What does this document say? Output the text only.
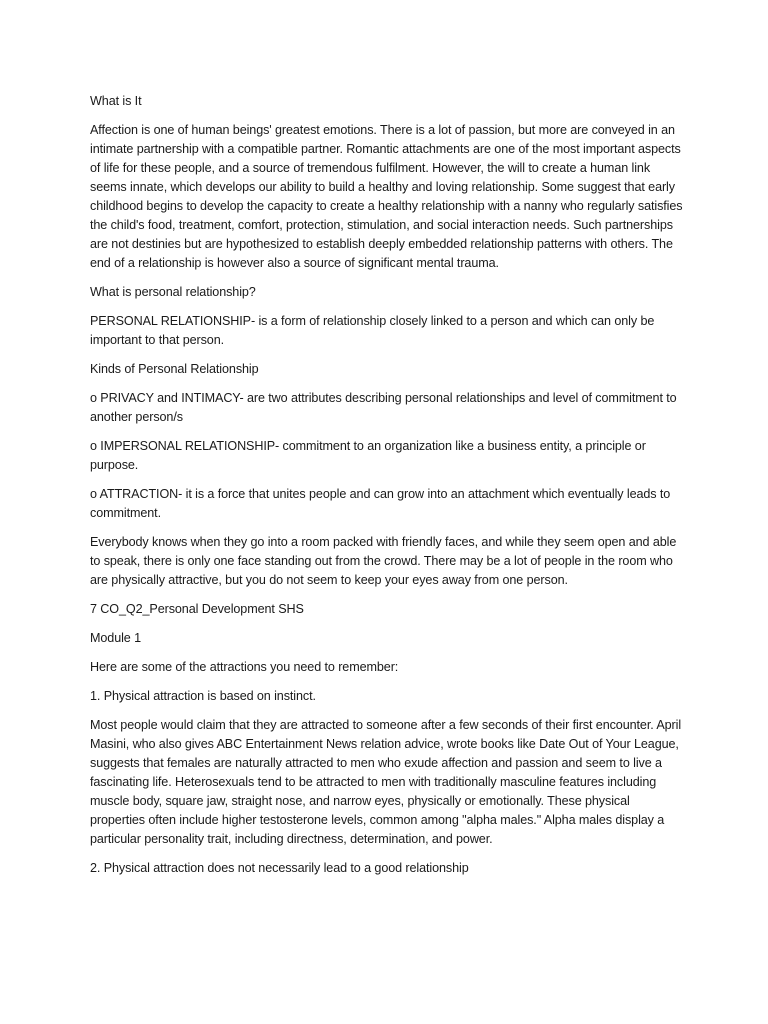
What is It

Affection is one of human beings' greatest emotions. There is a lot of passion, but more are conveyed in an intimate partnership with a compatible partner. Romantic attachments are one of the most important aspects of life for these people, and a source of tremendous fulfilment. However, the will to create a human link seems innate, which develops our ability to build a healthy and loving relationship. Some suggest that early childhood begins to develop the capacity to create a healthy relationship with a nanny who regularly satisfies the child's food, treatment, comfort, protection, stimulation, and social interaction needs. Such partnerships are not destinies but are hypothesized to establish deeply embedded relationship patterns with others. The end of a relationship is however also a source of significant mental trauma.

What is personal relationship?

PERSONAL RELATIONSHIP- is a form of relationship closely linked to a person and which can only be important to that person.

Kinds of Personal Relationship

o PRIVACY and INTIMACY- are two attributes describing personal relationships and level of commitment to another person/s

o IMPERSONAL RELATIONSHIP- commitment to an organization like a business entity, a principle or purpose.

o ATTRACTION- it is a force that unites people and can grow into an attachment which eventually leads to commitment.

Everybody knows when they go into a room packed with friendly faces, and while they seem open and able to speak, there is only one face standing out from the crowd. There may be a lot of people in the room who are physically attractive, but you do not seem to keep your eyes away from one person.

7 CO_Q2_Personal Development SHS

Module 1

Here are some of the attractions you need to remember:

1. Physical attraction is based on instinct.

Most people would claim that they are attracted to someone after a few seconds of their first encounter. April Masini, who also gives ABC Entertainment News relation advice, wrote books like Date Out of Your League, suggests that females are naturally attracted to men who exude affection and passion and seem to live a fascinating life. Heterosexuals tend to be attracted to men with traditionally masculine features including muscle body, square jaw, straight nose, and narrow eyes, physically or emotionally. These physical properties often include higher testosterone levels, common among "alpha males." Alpha males display a particular personality trait, including directness, determination, and power.

2. Physical attraction does not necessarily lead to a good relationship
